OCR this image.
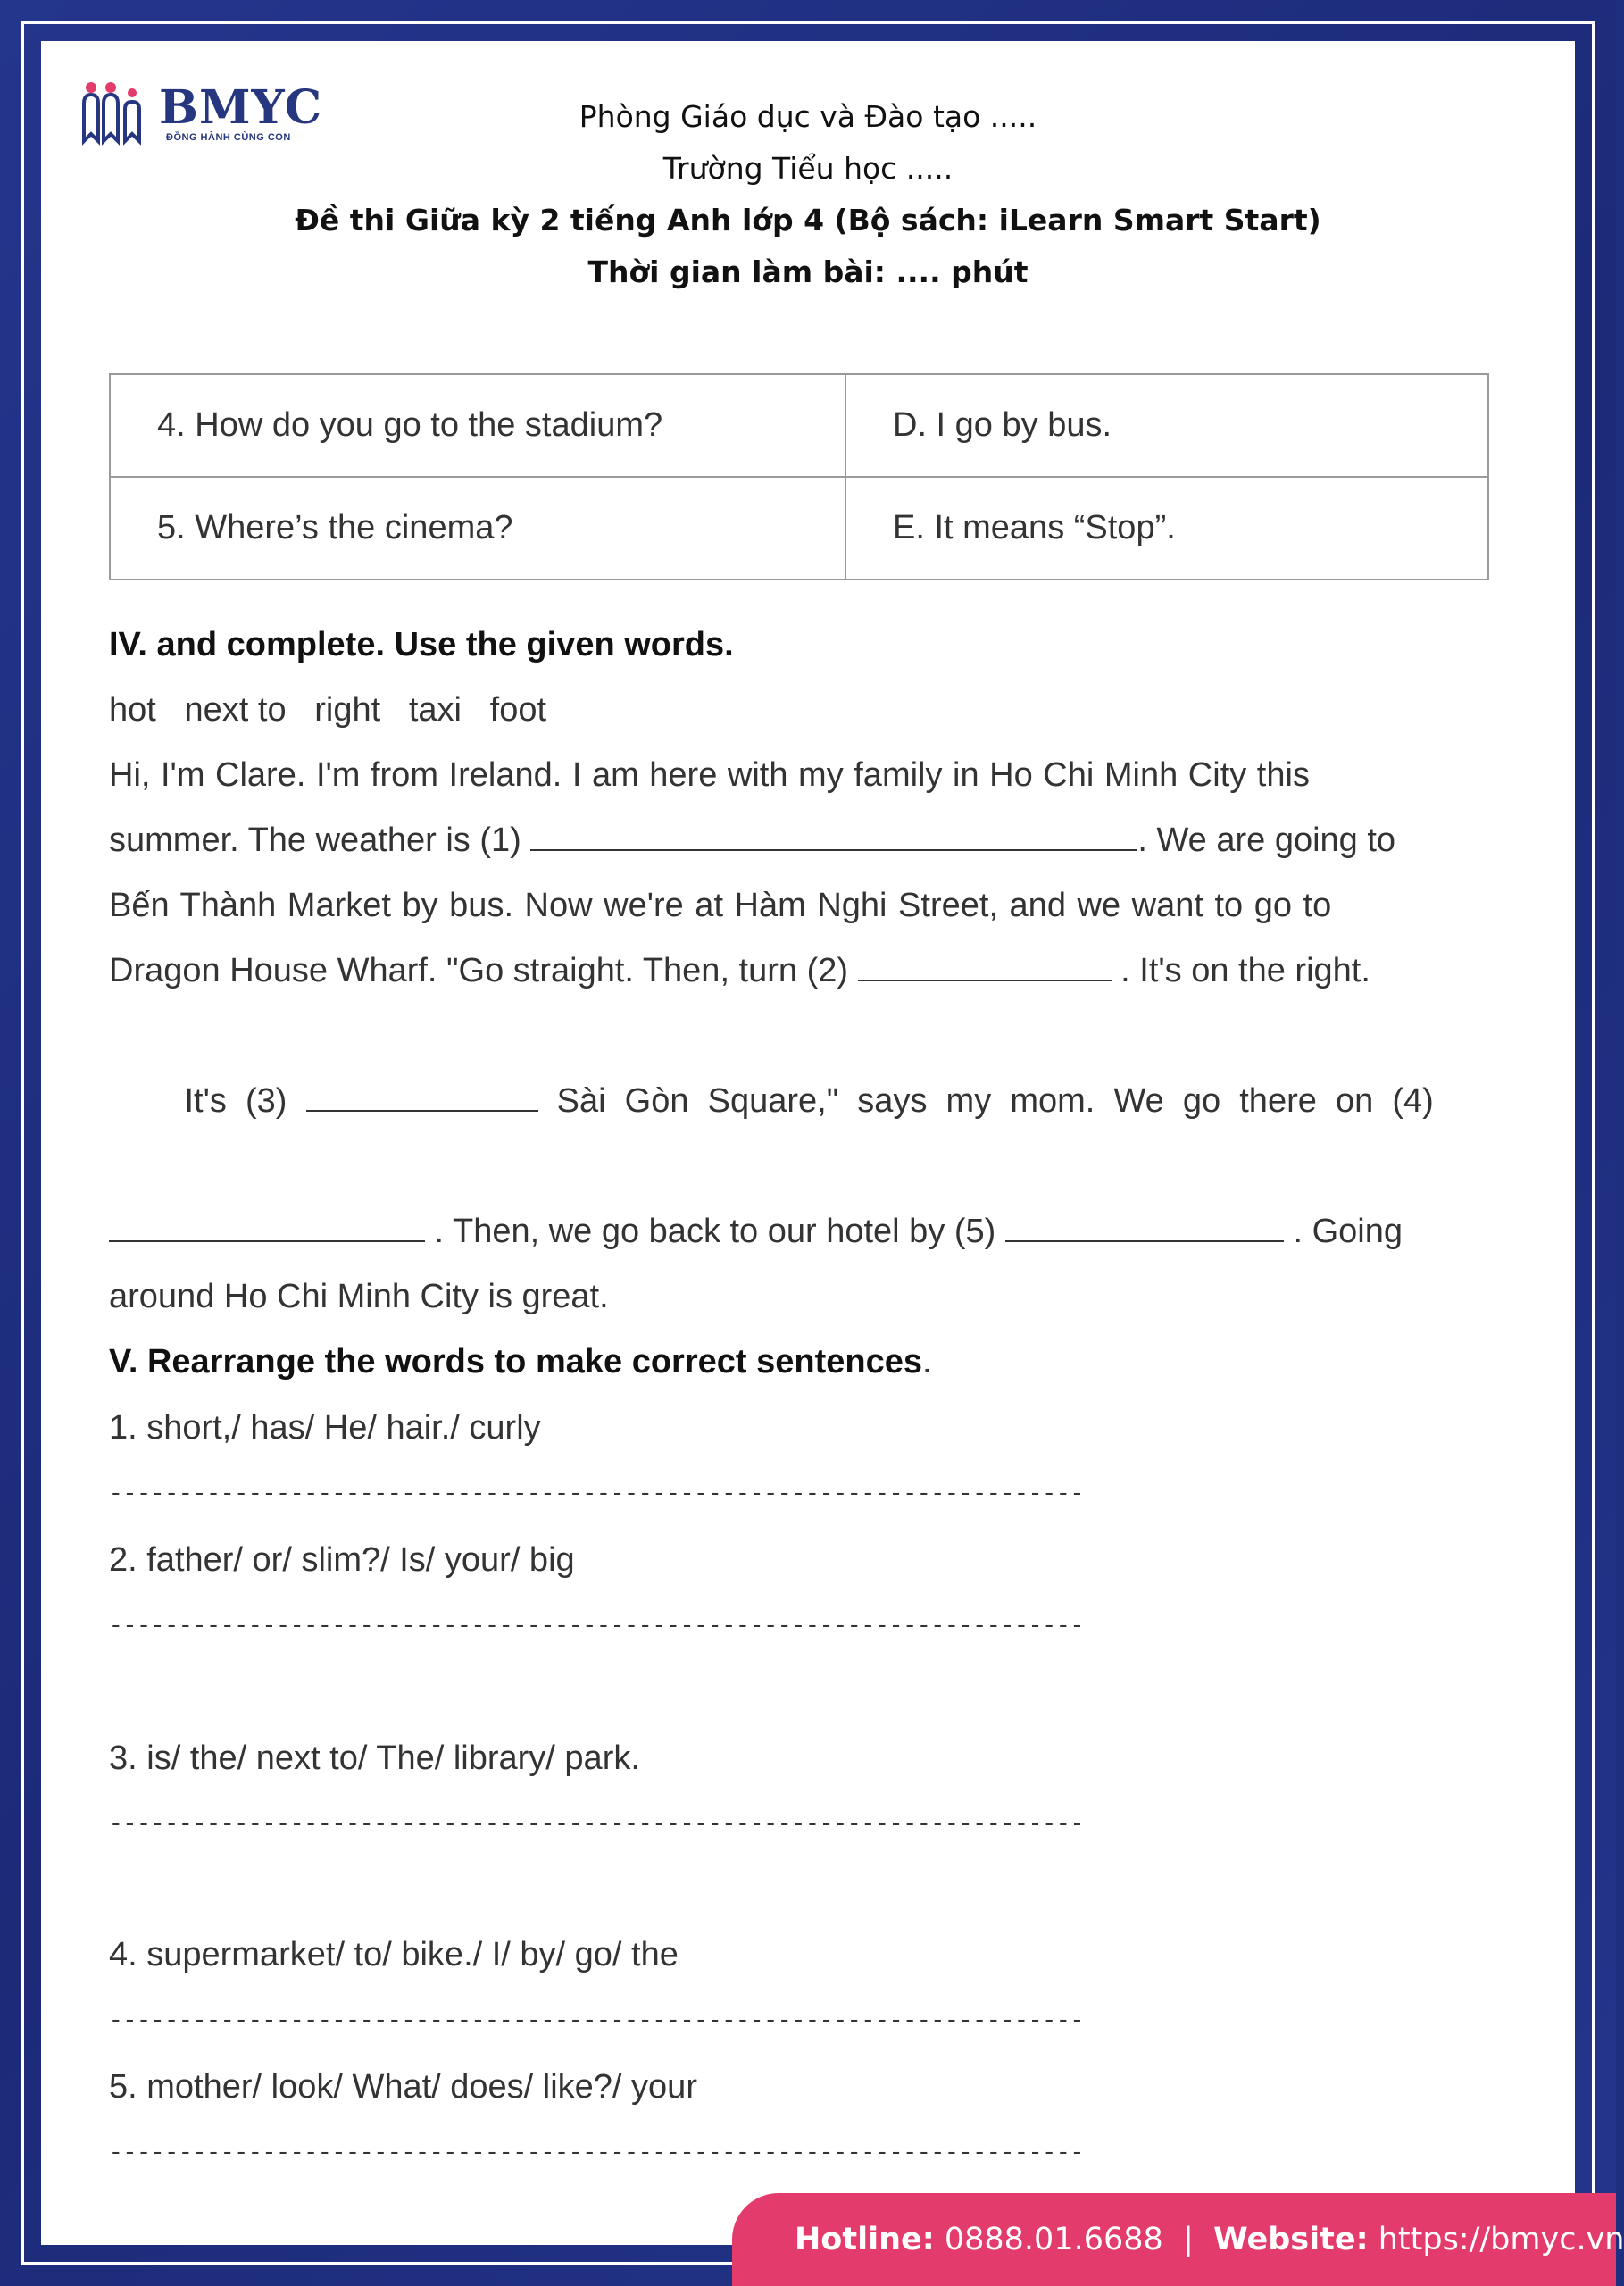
BMYC
ĐỒNG HÀNH CÙNG CON
Phòng Giáo dục và Đào tạo .....
Trường Tiểu học .....
Đề thi Giữa kỳ 2 tiếng Anh lớp 4 (Bộ sách: iLearn Smart Start)
Thời gian làm bài: .... phút
4. How do you go to the stadium?	D. I go by bus.
5. Where’s the cinema?	E. It means “Stop”.
IV. and complete. Use the given words.
hot   next to   right   taxi   foot
Hi, I'm Clare. I'm from Ireland. I am here with my family in Ho Chi Minh City this
summer. The weather is (1)	. We are going to
Bến Thành Market by bus. Now we're at Hàm Nghi Street, and we want to go to
Dragon House Wharf. "Go straight. Then, turn (2)	. It's on the right.

It's  (3)	Sài  Gòn  Square,"  says  my  mom.  We  go  there  on  (4)

. Then, we go back to our hotel by (5)	. Going
around Ho Chi Minh City is great.
V. Rearrange the words to make correct sentences.
1. short,/ has/ He/ hair./ curly
----------------------------------------------------------------------
2. father/ or/ slim?/ Is/ your/ big
----------------------------------------------------------------------
3. is/ the/ next to/ The/ library/ park.
----------------------------------------------------------------------
4. supermarket/ to/ bike./ I/ by/ go/ the
----------------------------------------------------------------------
5. mother/ look/ What/ does/ like?/ your
----------------------------------------------------------------------
Hotline: 0888.01.6688 | Website: https://bmyc.vn
